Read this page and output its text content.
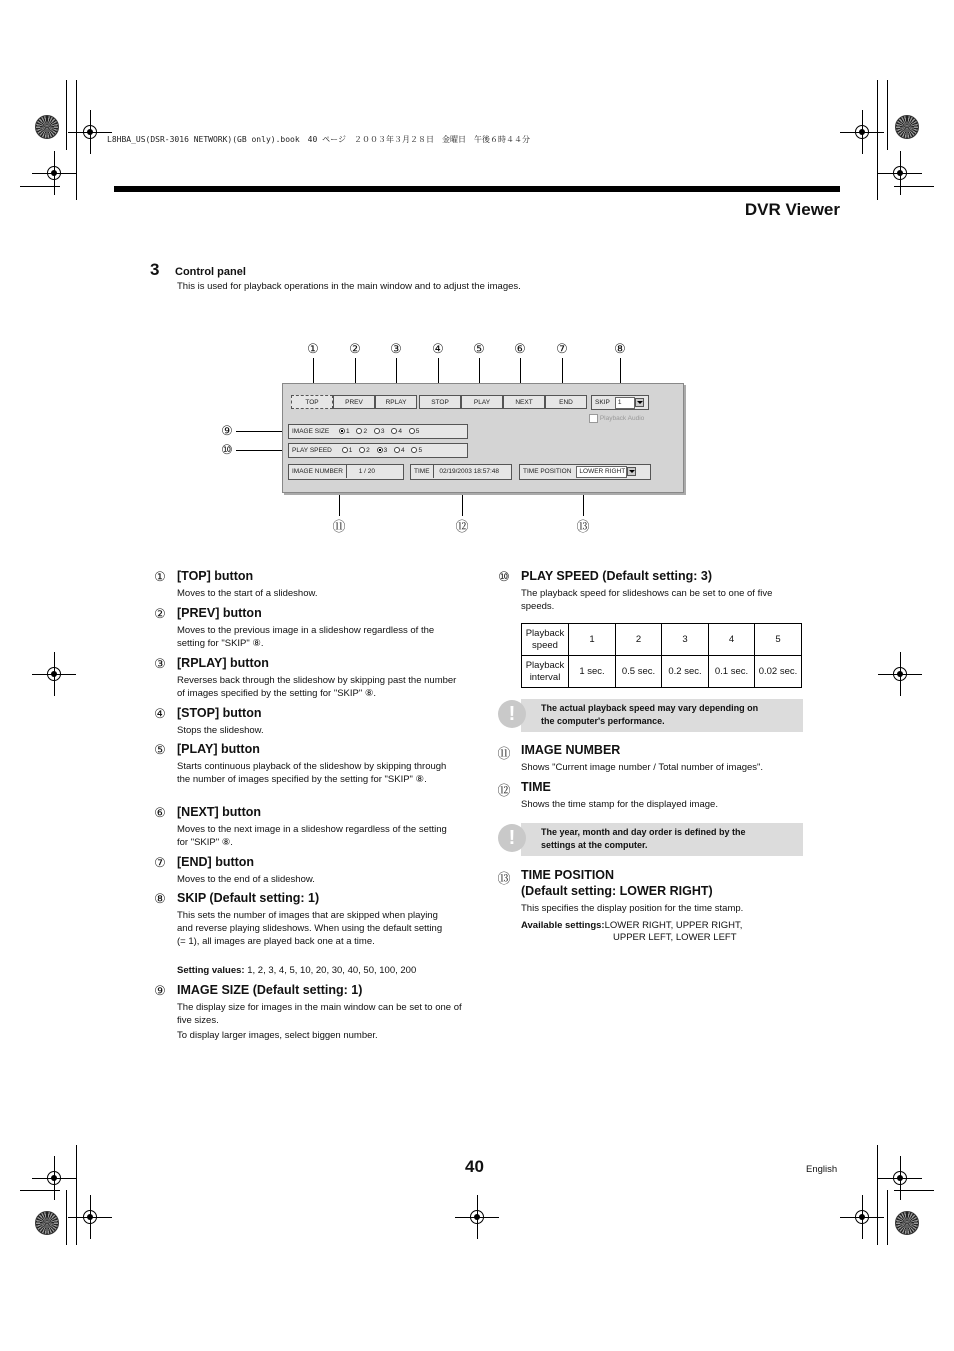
L8HBA_US(DSR-3016 NETWORK)(GB only).book　40 ページ　２００３年３月２８日　金曜日　午後６時４４分
DVR Viewer
3 Control panel
This is used for playback operations in the main window and to adjust the images.
① ② ③ ④ ⑤ ⑥ ⑦	⑧
⑨
⑩
⑪	⑫	⑬
TOP	PREV	RPLAY	STOP	PLAY	NEXT	END	SKIP 1
Playback Audio
IMAGE SIZE	1 2 3 4 5
PLAY SPEED	1 2 3 4 5
IMAGE NUMBER 1 / 20	TIME 02/19/2003 18:57:48	TIME POSITION LOWER RIGHT
① [TOP] button
Moves to the start of a slideshow.
② [PREV] button
Moves to the previous image in a slideshow regardless of the setting for "SKIP" ⑧.
③ [RPLAY] button
Reverses back through the slideshow by skipping past the number of images specified by the setting for "SKIP" ⑧.
④ [STOP] button
Stops the slideshow.
⑤ [PLAY] button
Starts continuous playback of the slideshow by skipping through the number of images specified by the setting for "SKIP" ⑧.
⑥ [NEXT] button
Moves to the next image in a slideshow regardless of the setting for "SKIP" ⑧.
⑦ [END] button
Moves to the end of a slideshow.
⑧ SKIP (Default setting: 1)
This sets the number of images that are skipped when playing and reverse playing slideshows. When using the default setting (= 1), all images are played back one at a time.
Setting values: 1, 2, 3, 4, 5, 10, 20, 30, 40, 50, 100, 200
⑨ IMAGE SIZE (Default setting: 1)
The display size for images in the main window can be set to one of five sizes.
To display larger images, select biggen number.
⑩ PLAY SPEED (Default setting: 3)
The playback speed for slideshows can be set to one of five speeds.
Playback
speed	1	2	3	4	5
Playback
interval	1 sec.	0.5 sec.	0.2 sec.	0.1 sec.	0.02 sec.
The actual playback speed may vary depending on
the computer's performance.
!
⑪ IMAGE NUMBER
Shows "Current image number / Total number of images".
⑫ TIME
Shows the time stamp for the displayed image.
The year, month and day order is defined by the
settings at the computer.
!
⑬ TIME POSITION
(Default setting: LOWER RIGHT)
This specifies the display position for the time stamp.
Available settings:LOWER RIGHT, UPPER RIGHT,
UPPER LEFT, LOWER LEFT
40	English
